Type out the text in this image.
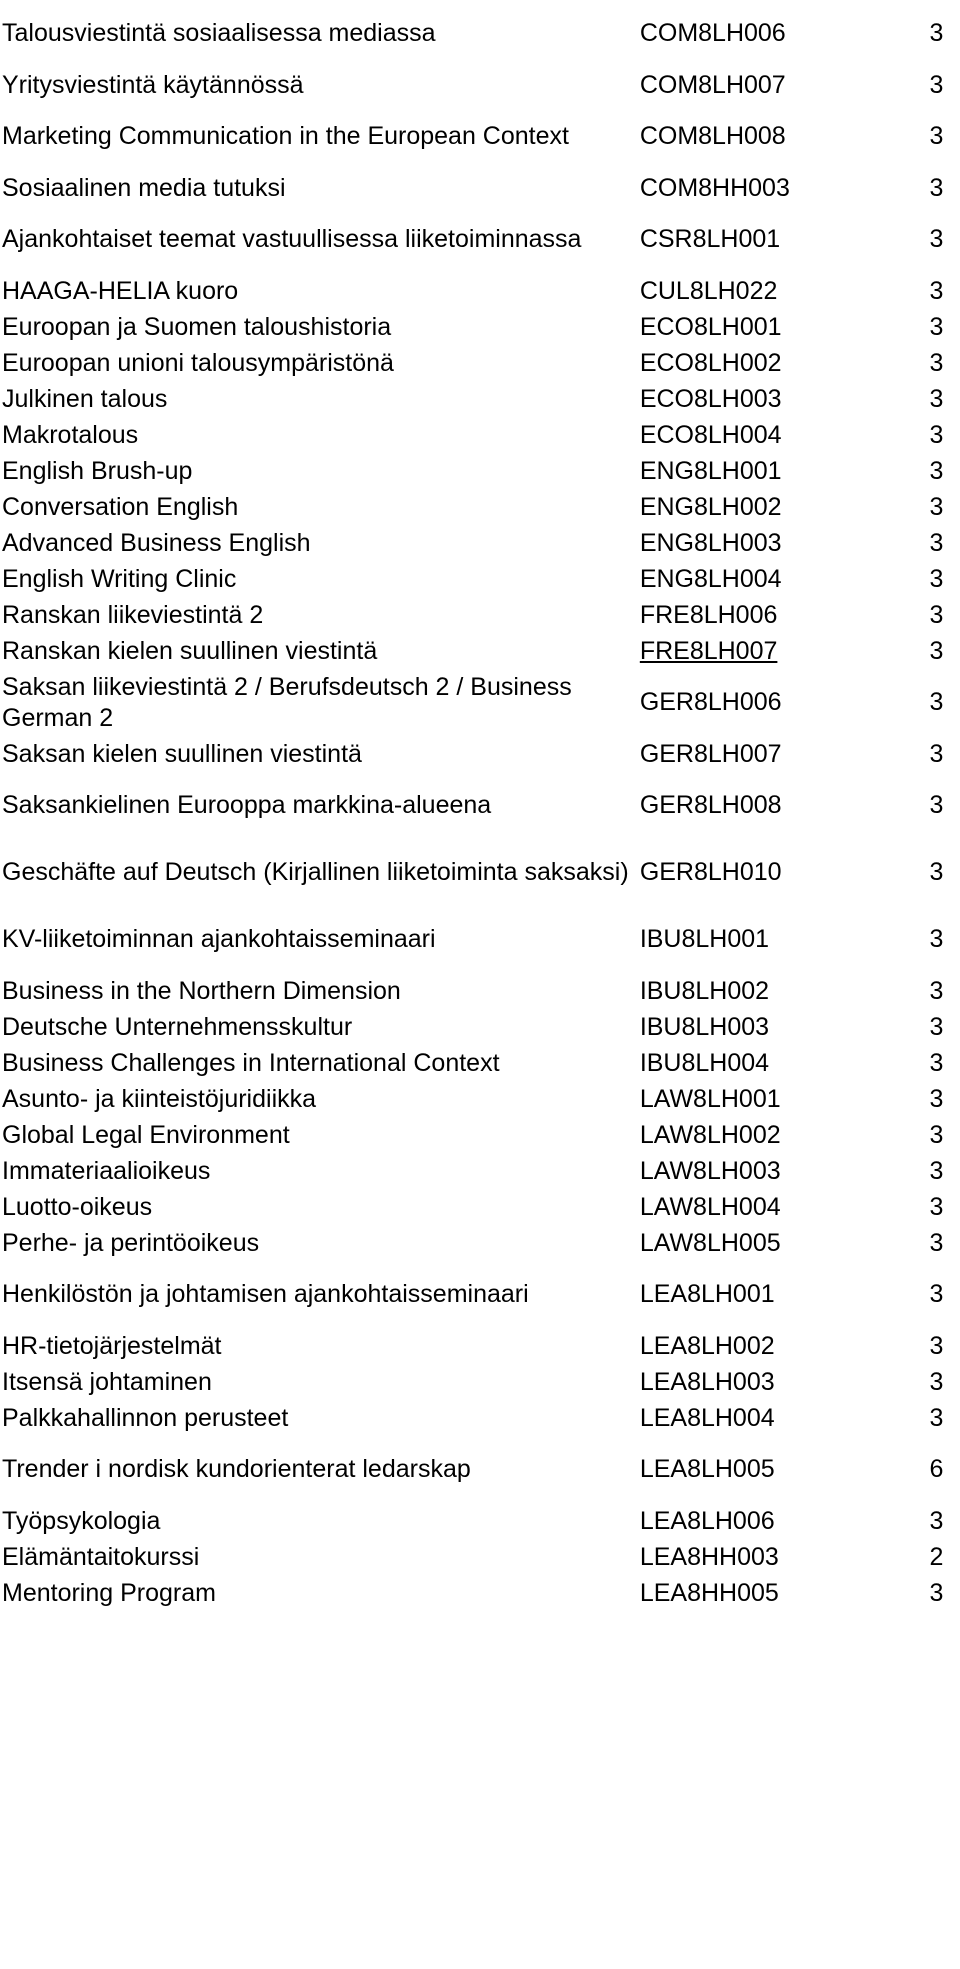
Talousviestintä sosiaalisessa mediassa	COM8LH006	3
Yritysviestintä käytännössä	COM8LH007	3
Marketing Communication in the European Context	COM8LH008	3
Sosiaalinen media tutuksi	COM8HH003	3
Ajankohtaiset teemat vastuullisessa liiketoiminnassa	CSR8LH001	3
HAAGA-HELIA kuoro	CUL8LH022	3
Euroopan ja Suomen taloushistoria	ECO8LH001	3
Euroopan unioni talousympäristönä	ECO8LH002	3
Julkinen talous	ECO8LH003	3
Makrotalous	ECO8LH004	3
English Brush-up	ENG8LH001	3
Conversation English	ENG8LH002	3
Advanced Business English	ENG8LH003	3
English Writing Clinic	ENG8LH004	3
Ranskan liikeviestintä 2	FRE8LH006	3
Ranskan kielen suullinen viestintä	FRE8LH007	3
Saksan liikeviestintä 2 / Berufsdeutsch 2 / Business German 2	GER8LH006	3
Saksan kielen suullinen viestintä	GER8LH007	3
Saksankielinen Eurooppa markkina-alueena	GER8LH008	3
Geschäfte auf Deutsch (Kirjallinen liiketoiminta saksaksi)	GER8LH010	3
KV-liiketoiminnan ajankohtaisseminaari	IBU8LH001	3
Business in the Northern Dimension	IBU8LH002	3
Deutsche Unternehmensskultur	IBU8LH003	3
Business Challenges in International Context	IBU8LH004	3
Asunto- ja kiinteistöjuridiikka	LAW8LH001	3
Global Legal Environment	LAW8LH002	3
Immateriaalioikeus	LAW8LH003	3
Luotto-oikeus	LAW8LH004	3
Perhe- ja perintöoikeus	LAW8LH005	3
Henkilöstön ja johtamisen ajankohtaisseminaari	LEA8LH001	3
HR-tietojärjestelmät	LEA8LH002	3
Itsensä johtaminen	LEA8LH003	3
Palkkahallinnon perusteet	LEA8LH004	3
Trender i nordisk kundorienterat ledarskap	LEA8LH005	6
Työpsykologia	LEA8LH006	3
Elämäntaitokurssi	LEA8HH003	2
Mentoring Program	LEA8HH005	3
